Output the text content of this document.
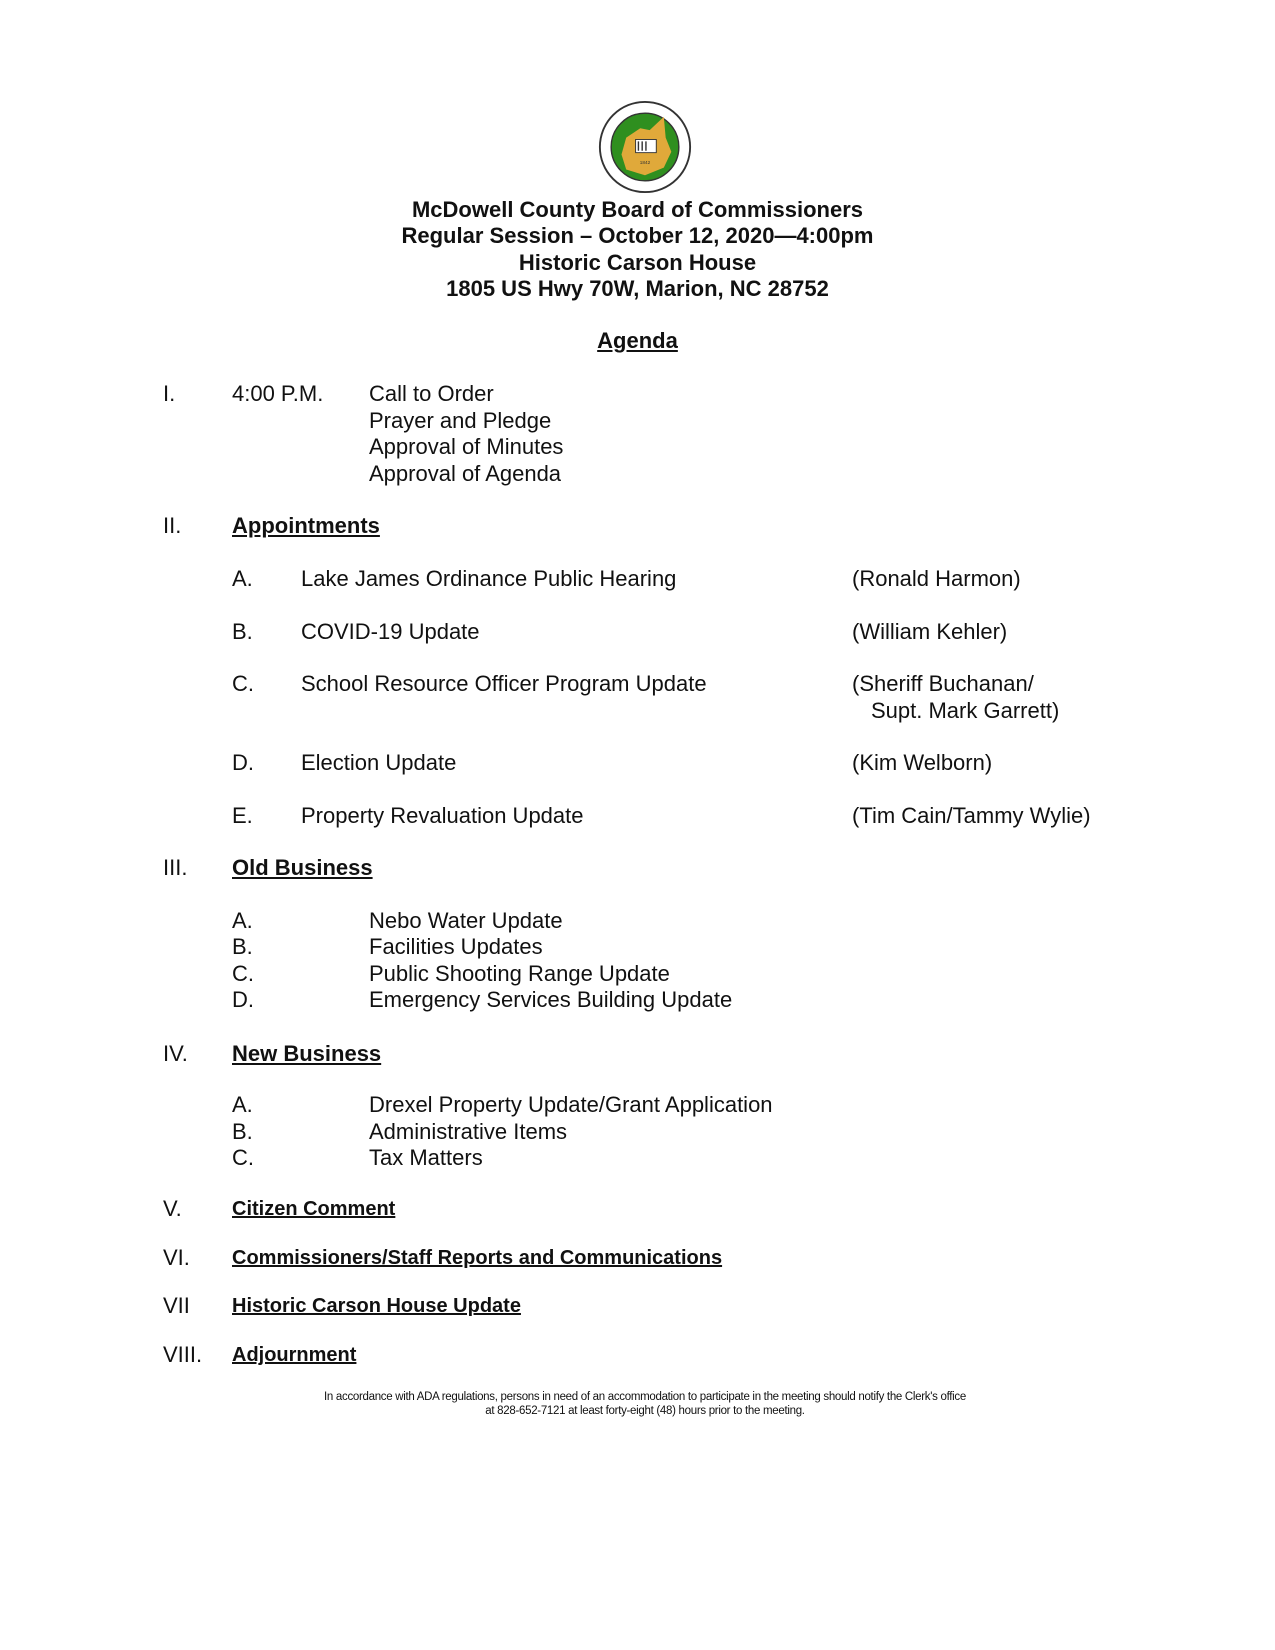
1842
McDowell County Board of Commissioners
Regular Session – October 12, 2020—4:00pm
Historic Carson House
1805 US Hwy 70W, Marion, NC 28752
Agenda
I.	4:00 P.M. Call to Order
Prayer and Pledge
Approval of Minutes
Approval of Agenda
II. Appointments
A. Lake James Ordinance Public Hearing	(Ronald Harmon)
B. COVID-19 Update	(William Kehler)
C. School Resource Officer Program Update	(Sheriff Buchanan/
Supt. Mark Garrett)
D. Election Update	(Kim Welborn)
E. Property Revaluation Update	(Tim Cain/Tammy Wylie)
III. Old Business
A.	Nebo Water Update
B.	Facilities Updates
C.	Public Shooting Range Update
D.	Emergency Services Building Update
IV. New Business
A.	Drexel Property Update/Grant Application
B.	Administrative Items
C.	Tax Matters
V.	Citizen Comment
VI. Commissioners/Staff Reports and Communications
VII Historic Carson House Update
VIII. Adjournment
In accordance with ADA regulations, persons in need of an accommodation to participate in the meeting should notify the Clerk's office
at 828-652-7121 at least forty-eight (48) hours prior to the meeting.
